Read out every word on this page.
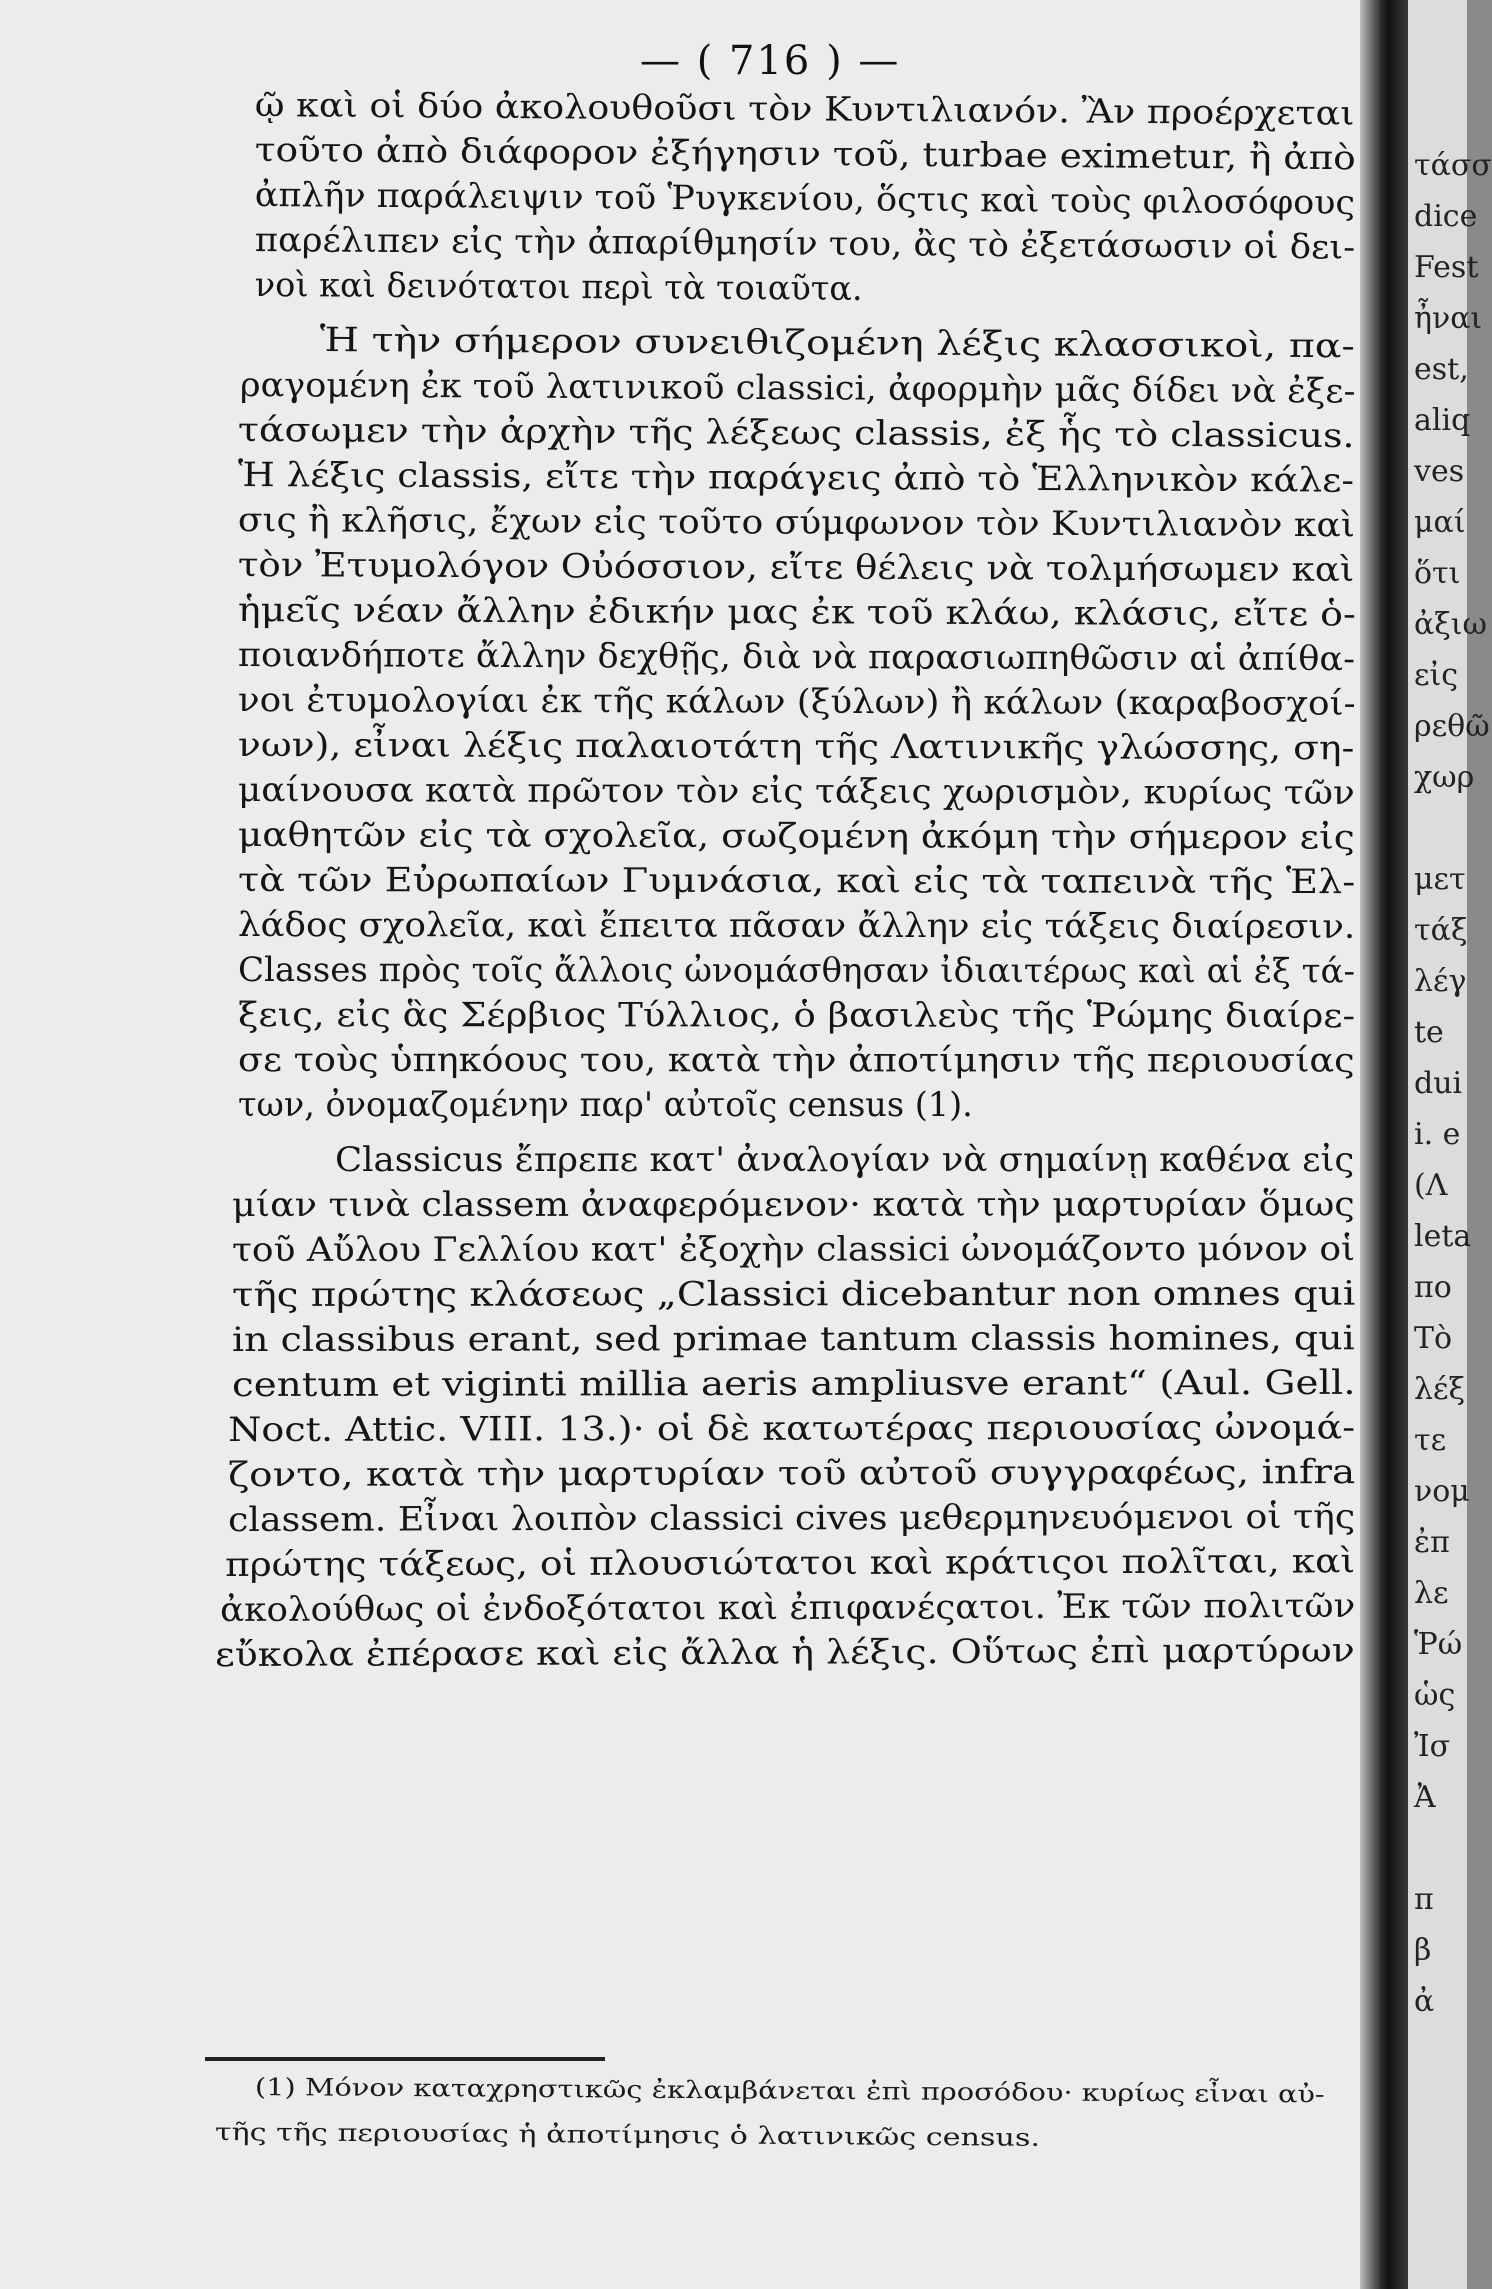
— ( 716 ) —
ῷ καὶ οἱ δύο ἀκολουθοῦσι τὸν Κυντιλιανόν. Ἂν προέρχεται
τοῦτο ἀπὸ διάφορον ἐξήγησιν τοῦ, turbae eximetur, ἢ ἀπὸ
ἀπλῆν παράλειψιν τοῦ Ῥυγκενίου, ὅςτις καὶ τοὺς φιλοσόφους
παρέλιπεν εἰς τὴν ἀπαρίθμησίν του, ἂς τὸ ἐξετάσωσιν οἱ δει-
νοὶ καὶ δεινότατοι περὶ τὰ τοιαῦτα.
Ἡ τὴν σήμερον συνειθιζομένη λέξις κλασσικοὶ, πα-
ραγομένη ἐκ τοῦ λατινικοῦ classici, ἀφορμὴν μᾶς δίδει νὰ ἐξε-
τάσωμεν τὴν ἀρχὴν τῆς λέξεως classis, ἐξ ἧς τὸ classicus.
Ἡ λέξις classis, εἴτε τὴν παράγεις ἀπὸ τὸ Ἑλληνικὸν κάλε-
σις ἢ κλῆσις, ἔχων εἰς τοῦτο σύμφωνον τὸν Κυντιλιανὸν καὶ
τὸν Ἐτυμολόγον Οὐόσσιον, εἴτε θέλεις νὰ τολμήσωμεν καὶ
ἡμεῖς νέαν ἄλλην ἐδικήν μας ἐκ τοῦ κλάω, κλάσις, εἴτε ὁ-
ποιανδήποτε ἄλλην δεχθῇς, διὰ νὰ παρασιωπηθῶσιν αἱ ἀπίθα-
νοι ἐτυμολογίαι ἐκ τῆς κάλων (ξύλων) ἢ κάλων (καραβοσχοί-
νων), εἶναι λέξις παλαιοτάτη τῆς Λατινικῆς γλώσσης, ση-
μαίνουσα κατὰ πρῶτον τὸν εἰς τάξεις χωρισμὸν, κυρίως τῶν
μαθητῶν εἰς τὰ σχολεῖα, σωζομένη ἀκόμη τὴν σήμερον εἰς
τὰ τῶν Εὐρωπαίων Γυμνάσια, καὶ εἰς τὰ ταπεινὰ τῆς Ἑλ-
λάδος σχολεῖα, καὶ ἔπειτα πᾶσαν ἄλλην εἰς τάξεις διαίρεσιν.
Classes πρὸς τοῖς ἄλλοις ὠνομάσθησαν ἰδιαιτέρως καὶ αἱ ἐξ τά-
ξεις, εἰς ἃς Σέρβιος Τύλλιος, ὁ βασιλεὺς τῆς Ῥώμης διαίρε-
σε τοὺς ὑπηκόους του, κατὰ τὴν ἀποτίμησιν τῆς περιουσίας
των, ὀνομαζομένην παρ' αὐτοῖς census (1).
Classicus ἔπρεπε κατ' ἀναλογίαν νὰ σημαίνῃ καθένα εἰς
μίαν τινὰ classem ἀναφερόμενον· κατὰ τὴν μαρτυρίαν ὅμως
τοῦ Αὔλου Γελλίου κατ' ἐξοχὴν classici ὠνομάζοντο μόνον οἱ
τῆς πρώτης κλάσεως „Classici dicebantur non omnes qui
in classibus erant, sed primae tantum classis homines, qui
centum et viginti millia aeris ampliusve erant“ (Aul. Gell.
Noct. Attic. VIII. 13.)· οἱ δὲ κατωτέρας περιουσίας ὠνομά-
ζοντο, κατὰ τὴν μαρτυρίαν τοῦ αὐτοῦ συγγραφέως, infra
classem. Εἶναι λοιπὸν classici cives μεθερμηνευόμενοι οἱ τῆς
πρώτης τάξεως, οἱ πλουσιώτατοι καὶ κράτιςοι πολῖται, καὶ
ἀκολούθως οἱ ἐνδοξότατοι καὶ ἐπιφανέςατοι. Ἐκ τῶν πολιτῶν
εὔκολα ἐπέρασε καὶ εἰς ἄλλα ἡ λέξις. Οὕτως ἐπὶ μαρτύρων
(1) Μόνον καταχρηστικῶς ἐκλαμβάνεται ἐπὶ προσόδου· κυρίως εἶναι αὐ-
τῆς τῆς περιουσίας ἡ ἀποτίμησις ὁ λατινικῶς census.
τάσσ
dice
Fest
ἦναι
est,
aliq
ves
μαί
ὅτι
ἀξιω
εἰς
ρεθῶ
χωρ
μετ
τάξ
λέγ
te
dui
i. e
(Λ
leta
πο
Τὸ
λέξ
τε
νομ
ἐπ
λε
Ῥώ
ὡς
Ἰσ
Ἀ
π
β
ἀ
